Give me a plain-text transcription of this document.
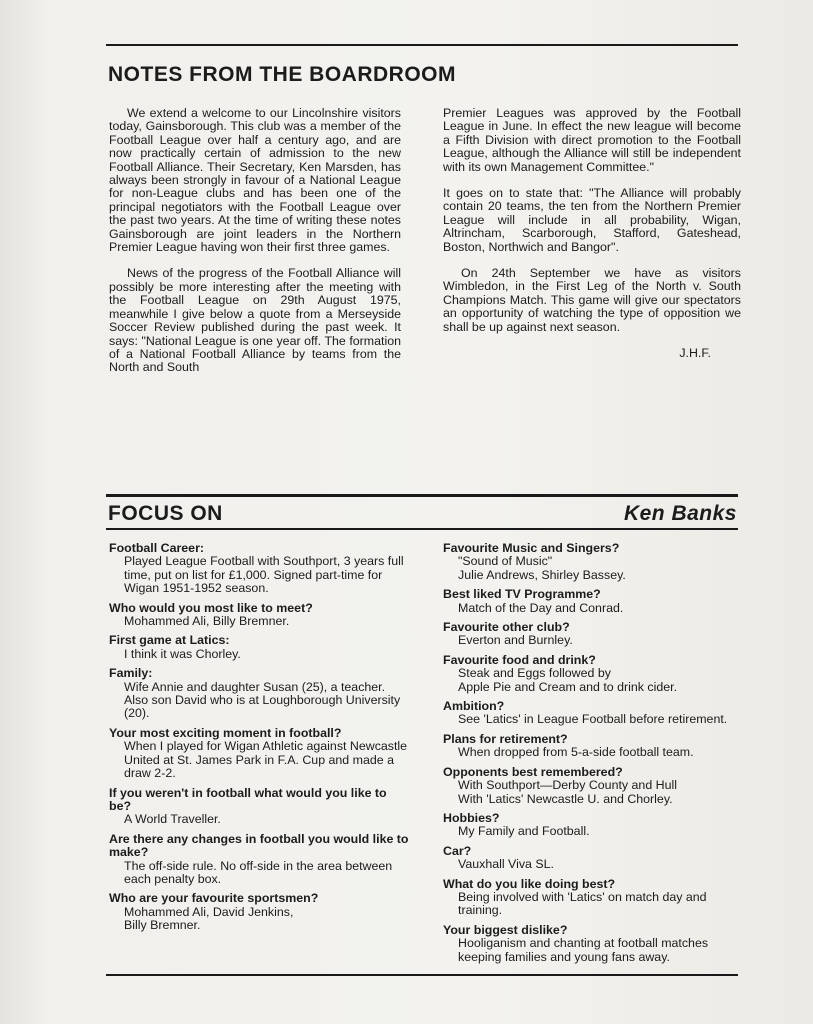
NOTES FROM THE BOARDROOM

We extend a welcome to our Lincolnshire visitors today, Gainsborough. This club was a member of the Football League over half a century ago, and are now practically certain of admission to the new Football Alliance. Their Secretary, Ken Marsden, has always been strongly in favour of a National League for non-League clubs and has been one of the principal negotiators with the Football League over the past two years. At the time of writing these notes Gainsborough are joint leaders in the Northern Premier League having won their first three games.

News of the progress of the Football Alliance will possibly be more interesting after the meeting with the Football League on 29th August 1975, meanwhile I give below a quote from a Merseyside Soccer Review published during the past week. It says: "National League is one year off. The formation of a National Football Alliance by teams from the North and South

Premier Leagues was approved by the Football League in June. In effect the new league will become a Fifth Division with direct promotion to the Football League, although the Alliance will still be independent with its own Management Committee."

It goes on to state that: "The Alliance will probably contain 20 teams, the ten from the Northern Premier League will include in all probability, Wigan, Altrincham, Scarborough, Stafford, Gateshead, Boston, Northwich and Bangor".

On 24th September we have as visitors Wimbledon, in the First Leg of the North v. South Champions Match. This game will give our spectators an opportunity of watching the type of opposition we shall be up against next season.

J.H.F.
FOCUS ON	Ken Banks

Football Career:

Played League Football with Southport, 3 years full time, put on list for £1,000. Signed part-time for Wigan 1951-1952 season.

Who would you most like to meet?

Mohammed Ali, Billy Bremner.

First game at Latics:

I think it was Chorley.

Family:

Wife Annie and daughter Susan (25), a teacher. Also son David who is at Loughborough University (20).

Your most exciting moment in football?

When I played for Wigan Athletic against Newcastle United at St. James Park in F.A. Cup and made a draw 2-2.

If you weren't in football what would you like to be?

A World Traveller.

Are there any changes in football you would like to make?

The off-side rule. No off-side in the area between each penalty box.

Who are your favourite sportsmen?

Mohammed Ali, David Jenkins,
Billy Bremner.

Favourite Music and Singers?

"Sound of Music"
Julie Andrews, Shirley Bassey.

Best liked TV Programme?

Match of the Day and Conrad.

Favourite other club?

Everton and Burnley.

Favourite food and drink?

Steak and Eggs followed by
Apple Pie and Cream and to drink cider.

Ambition?

See 'Latics' in League Football before retirement.

Plans for retirement?

When dropped from 5-a-side football team.

Opponents best remembered?

With Southport—Derby County and Hull
With 'Latics' Newcastle U. and Chorley.

Hobbies?

My Family and Football.

Car?

Vauxhall Viva SL.

What do you like doing best?

Being involved with 'Latics' on match day and training.

Your biggest dislike?

Hooliganism and chanting at football matches keeping families and young fans away.
